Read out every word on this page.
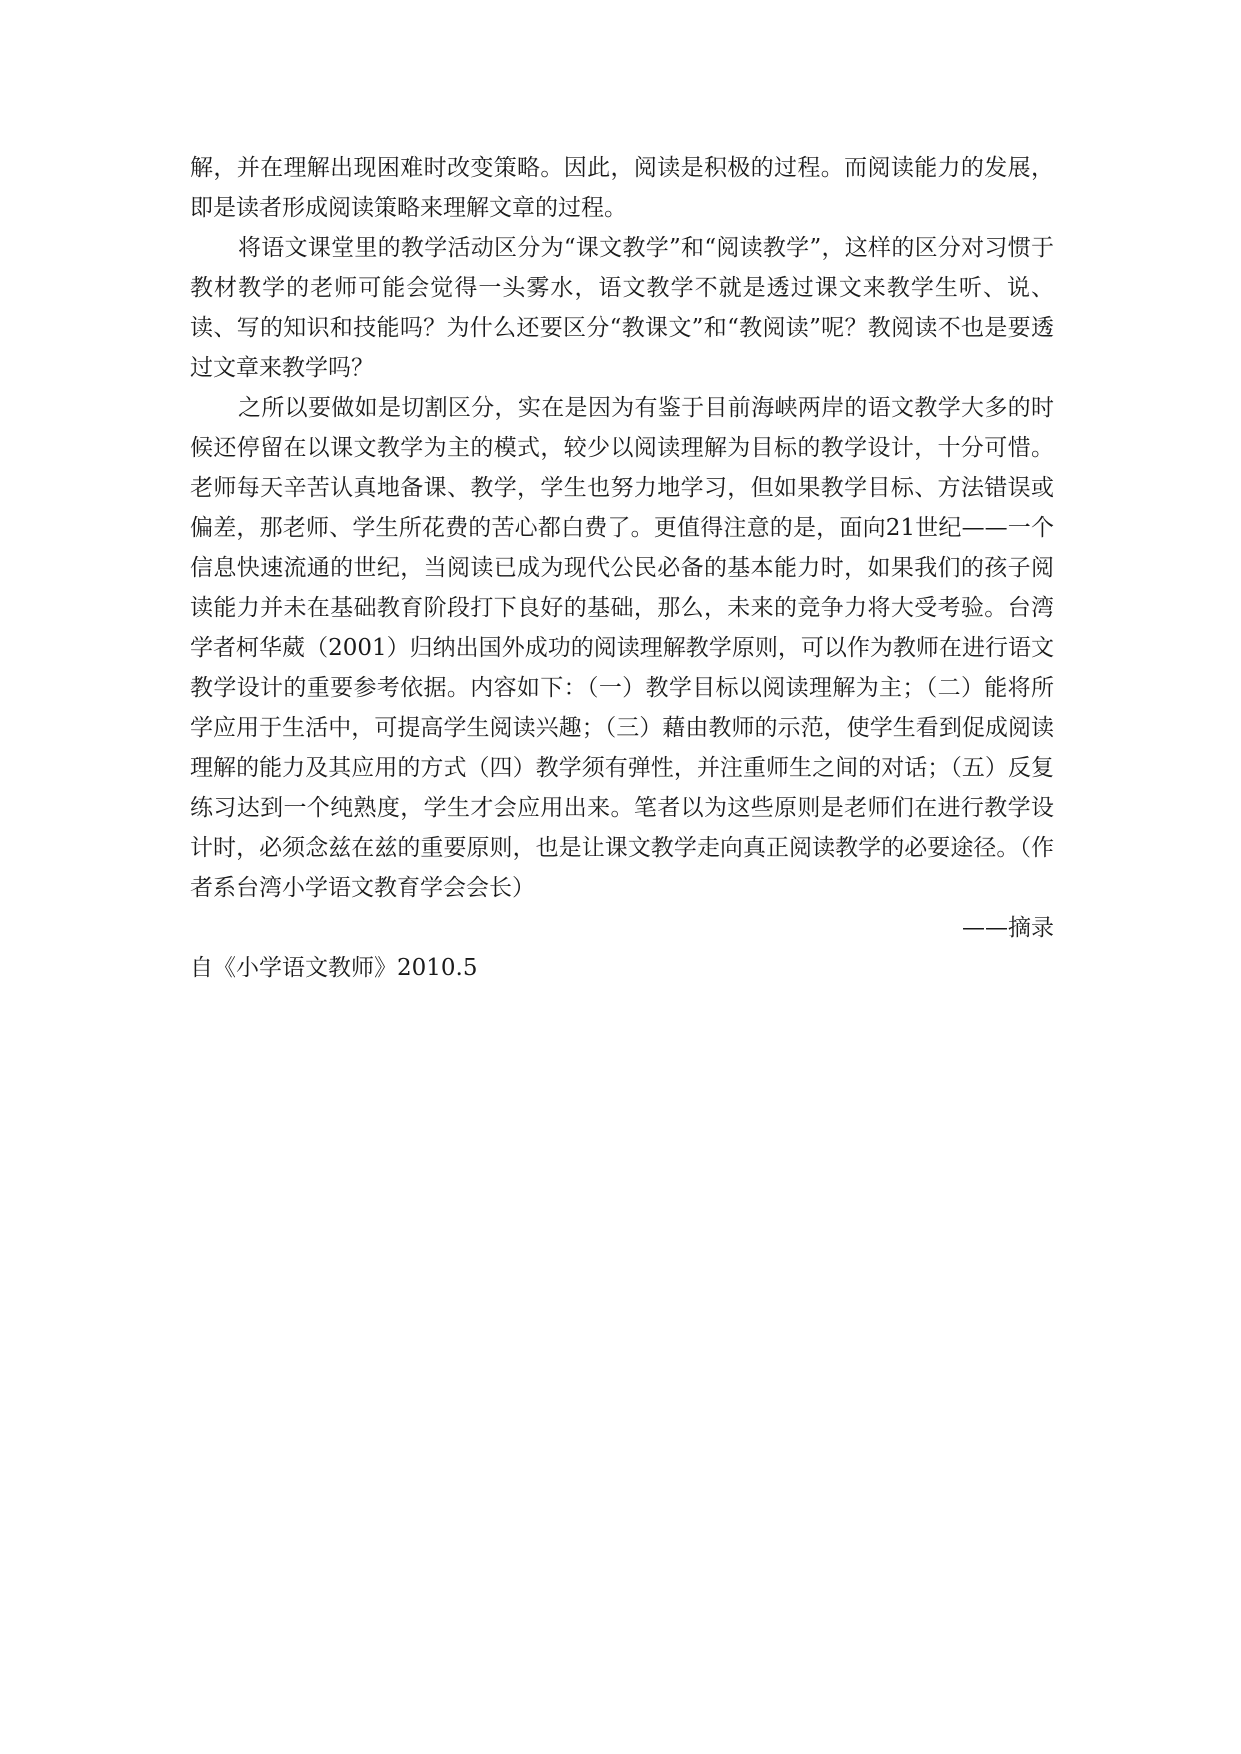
解，并在理解出现困难时改变策略。因此，阅读是积极的过程。而阅读能力的发展，即是读者形成阅读策略来理解文章的过程。

将语文课堂里的教学活动区分为“课文教学”和“阅读教学”，这样的区分对习惯于教材教学的老师可能会觉得一头雾水，语文教学不就是透过课文来教学生听、说、读、写的知识和技能吗？为什么还要区分“教课文”和“教阅读”呢？教阅读不也是要透过文章来教学吗？

之所以要做如是切割区分，实在是因为有鉴于目前海峡两岸的语文教学大多的时候还停留在以课文教学为主的模式，较少以阅读理解为目标的教学设计，十分可惜。老师每天辛苦认真地备课、教学，学生也努力地学习，但如果教学目标、方法错误或偏差，那老师、学生所花费的苦心都白费了。更值得注意的是，面向21世纪——一个信息快速流通的世纪，当阅读已成为现代公民必备的基本能力时，如果我们的孩子阅读能力并未在基础教育阶段打下良好的基础，那么，未来的竞争力将大受考验。台湾学者柯华葳（2001）归纳出国外成功的阅读理解教学原则，可以作为教师在进行语文教学设计的重要参考依据。内容如下：（一）教学目标以阅读理解为主；（二）能将所学应用于生活中，可提高学生阅读兴趣；（三）藉由教师的示范，使学生看到促成阅读理解的能力及其应用的方式（四）教学须有弹性，并注重师生之间的对话；（五）反复练习达到一个纯熟度，学生才会应用出来。笔者以为这些原则是老师们在进行教学设计时，必须念兹在兹的重要原则，也是让课文教学走向真正阅读教学的必要途径。（作者系台湾小学语文教育学会会长）

——摘录

自《小学语文教师》2010.5
